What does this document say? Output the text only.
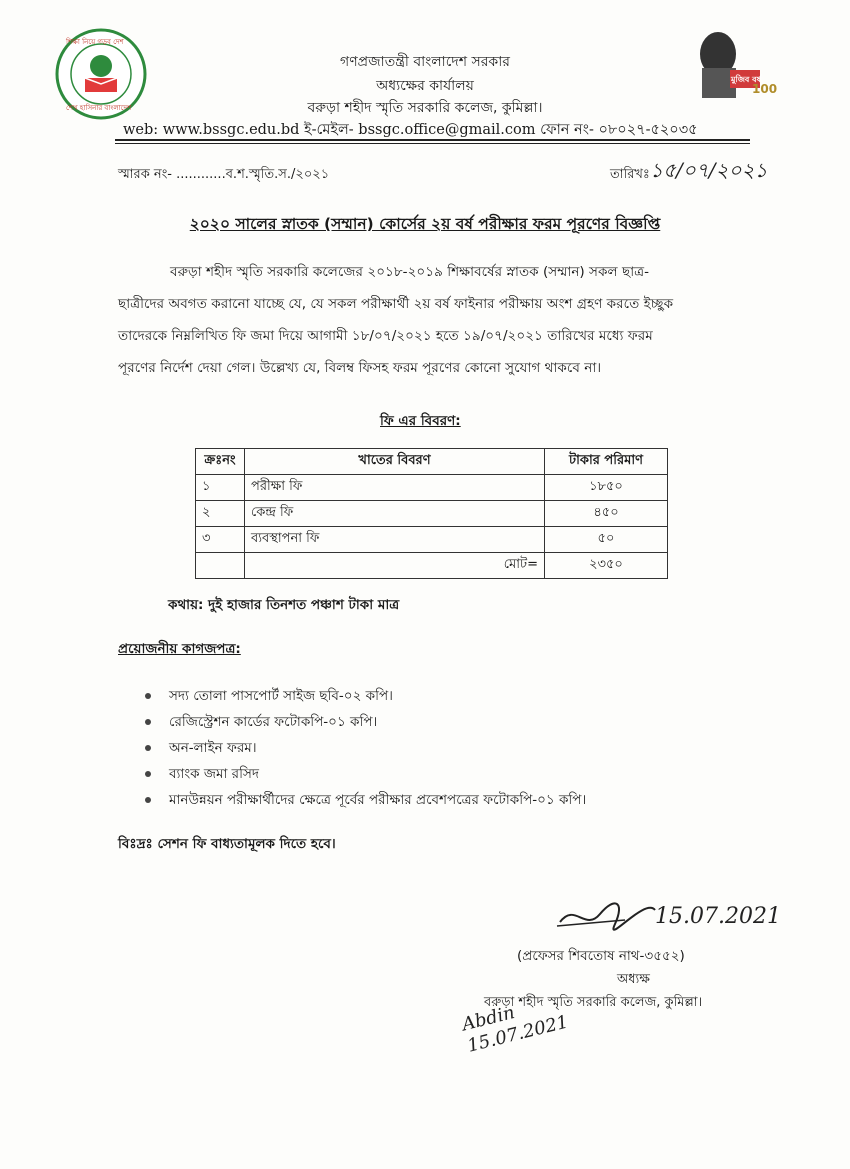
শিক্ষা নিয়ে গড়ব দেশ
শেখ হাসিনার বাংলাদেশ
মুজিব বর্ষ
100
গণপ্রজাতন্ত্রী বাংলাদেশ সরকার
অধ্যক্ষের কার্যালয়
বরুড়া শহীদ স্মৃতি সরকারি কলেজ, কুমিল্লা।
web: www.bssgc.edu.bd ই-মেইল- bssgc.office@gmail.com ফোন নং- ০৮০২৭-৫২০৩৫
স্মারক নং- ............ব.শ.স্মৃতি.স./২০২১	তারিখঃ ১৫/০৭/২০২১
২০২০ সালের স্নাতক (সম্মান) কোর্সের ২য় বর্ষ পরীক্ষার ফরম পূরণের বিজ্ঞপ্তি
বরুড়া শহীদ স্মৃতি সরকারি কলেজের ২০১৮-২০১৯ শিক্ষাবর্ষের স্নাতক (সম্মান) সকল ছাত্র-
ছাত্রীদের অবগত করানো যাচ্ছে যে, যে সকল পরীক্ষার্থী ২য় বর্ষ ফাইনার পরীক্ষায় অংশ গ্রহণ করতে ইচ্ছুক
তাদেরকে নিম্নলিখিত ফি জমা দিয়ে আগামী ১৮/০৭/২০২১ হতে ১৯/০৭/২০২১ তারিখের মধ্যে ফরম
পূরণের নির্দেশ দেয়া গেল। উল্লেখ্য যে, বিলম্ব ফিসহ ফরম পূরণের কোনো সুযোগ থাকবে না।
ফি এর বিবরণ:
ক্রঃনং	খাতের বিবরণ	টাকার পরিমাণ
১	পরীক্ষা ফি	১৮৫০
২	কেন্দ্র ফি	৪৫০
৩	ব্যবস্থাপনা ফি	৫০
	মোট=	২৩৫০
কথায়: দুই হাজার তিনশত পঞ্চাশ টাকা মাত্র
প্রয়োজনীয় কাগজপত্র:
সদ্য তোলা পাসপোর্ট সাইজ ছবি-০২ কপি।
রেজিস্ট্রেশন কার্ডের ফটোকপি-০১ কপি।
অন-লাইন ফরম।
ব্যাংক জমা রসিদ
মানউন্নয়ন পরীক্ষার্থীদের ক্ষেত্রে পূর্বের পরীক্ষার প্রবেশপত্রের ফটোকপি-০১ কপি।
বিঃদ্রঃ সেশন ফি বাধ্যতামূলক দিতে হবে।
15.07.2021
(প্রফেসর শিবতোষ নাথ-৩৫৫২)
অধ্যক্ষ
বরুড়া শহীদ স্মৃতি সরকারি কলেজ, কুমিল্লা।
Abdin 15.07.2021
